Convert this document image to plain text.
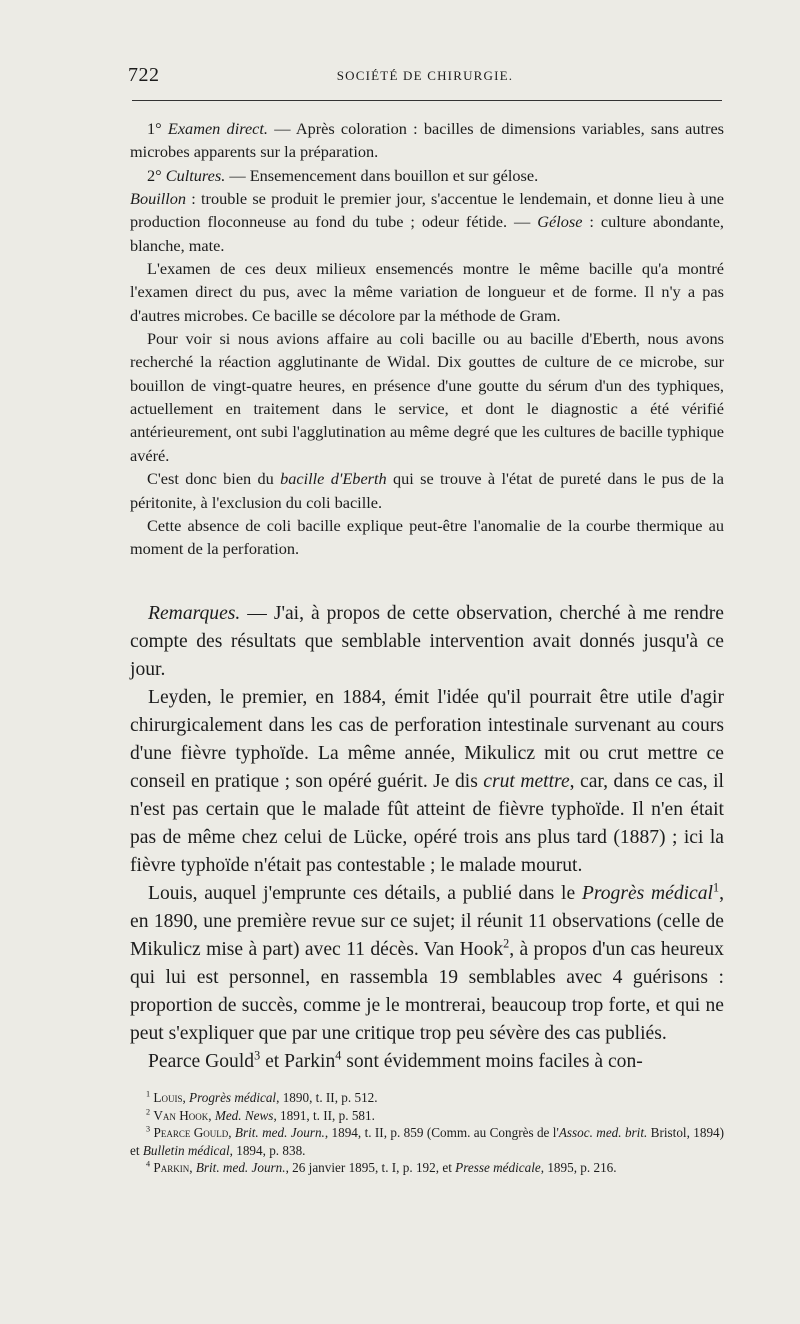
722	SOCIÉTÉ DE CHIRURGIE.

1° Examen direct. — Après coloration : bacilles de dimensions variables, sans autres microbes apparents sur la préparation.

2° Cultures. — Ensemencement dans bouillon et sur gélose.

Bouillon : trouble se produit le premier jour, s'accentue le lendemain, et donne lieu à une production floconneuse au fond du tube ; odeur fétide. — Gélose : culture abondante, blanche, mate.

L'examen de ces deux milieux ensemencés montre le même bacille qu'a montré l'examen direct du pus, avec la même variation de longueur et de forme. Il n'y a pas d'autres microbes. Ce bacille se décolore par la méthode de Gram.

Pour voir si nous avions affaire au coli bacille ou au bacille d'Eberth, nous avons recherché la réaction agglutinante de Widal. Dix gouttes de culture de ce microbe, sur bouillon de vingt-quatre heures, en présence d'une goutte du sérum d'un des typhiques, actuellement en traitement dans le service, et dont le diagnostic a été vérifié antérieurement, ont subi l'agglutination au même degré que les cultures de bacille typhique avéré.

C'est donc bien du bacille d'Eberth qui se trouve à l'état de pureté dans le pus de la péritonite, à l'exclusion du coli bacille.

Cette absence de coli bacille explique peut-être l'anomalie de la courbe thermique au moment de la perforation.

Remarques. — J'ai, à propos de cette observation, cherché à me rendre compte des résultats que semblable intervention avait donnés jusqu'à ce jour.

Leyden, le premier, en 1884, émit l'idée qu'il pourrait être utile d'agir chirurgicalement dans les cas de perforation intestinale survenant au cours d'une fièvre typhoïde. La même année, Mikulicz mit ou crut mettre ce conseil en pratique ; son opéré guérit. Je dis crut mettre, car, dans ce cas, il n'est pas certain que le malade fût atteint de fièvre typhoïde. Il n'en était pas de même chez celui de Lücke, opéré trois ans plus tard (1887) ; ici la fièvre typhoïde n'était pas contestable ; le malade mourut.

Louis, auquel j'emprunte ces détails, a publié dans le Progrès médical$^1$, en 1890, une première revue sur ce sujet; il réunit 11 observations (celle de Mikulicz mise à part) avec 11 décès. Van Hook$^2$, à propos d'un cas heureux qui lui est personnel, en rassembla 19 semblables avec 4 guérisons : proportion de succès, comme je le montrerai, beaucoup trop forte, et qui ne peut s'expliquer que par une critique trop peu sévère des cas publiés.

Pearce Gould$^3$ et Parkin$^4$ sont évidemment moins faciles à con-

$^1$ Louis, Progrès médical, 1890, t. II, p. 512.

$^2$ Van Hook, Med. News, 1891, t. II, p. 581.

$^3$ Pearce Gould, Brit. med. Journ., 1894, t. II, p. 859 (Comm. au Congrès de l'Assoc. med. brit. Bristol, 1894) et Bulletin médical, 1894, p. 838.

$^4$ Parkin, Brit. med. Journ., 26 janvier 1895, t. I, p. 192, et Presse médicale, 1895, p. 216.
